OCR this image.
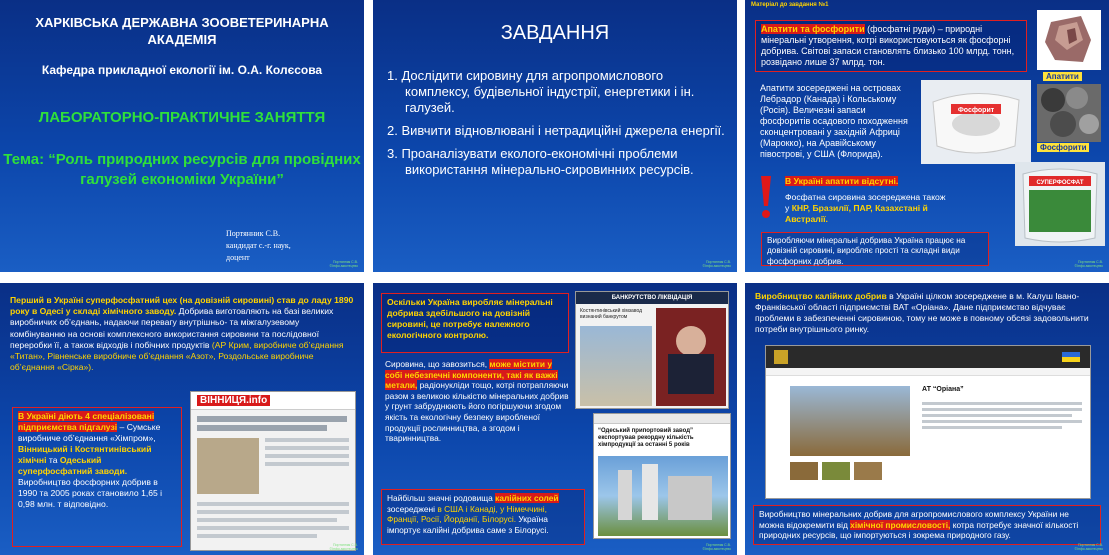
ХАРКІВСЬКА ДЕРЖАВНА ЗООВЕТЕРИНАРНА АКАДЕМІЯ
Кафедра прикладної екології ім. О.А. Колєсова
ЛАБОРАТОРНО-ПРАКТИЧНЕ ЗАНЯТТЯ
Тема: “Роль природних ресурсів для провідних галузей економіки України”
Портянник С.В.
кандидат с.-г. наук,
доцент	Портянник С.В. ©Інфо-мистецтво
ЗАВДАННЯ
1. Дослідити сировину для агропромислового комплексу, будівельної індустрії, енергетики і ін. галузей.
2. Вивчити відновлювані і нетрадиційні джерела енергії.
3. Проаналізувати еколого-економічні проблеми використання мінерально-сировинних ресурсів.
Портянник С.В. ©Інфо-мистецтво
Матеріал до завдання №1
Апатити та фосфорити (фосфатні руди) – природні мінеральні утворення, котрі використовуються як фосфорні добрива. Світові запаси становлять близько 100 млрд. тонн, розвідано лише 37 млрд. тон.
Апатити
Апатити зосереджені на островах Лебрадор (Канада) і Кольському (Росія). Величезні запаси фосфоритів осадового походження сконцентровані у західній Африці (Марокко), на Аравійському півострові, у США (Флорида).
Фосфорит
Фосфорити
В Україні апатити відсутні.
Фосфатна сировина зосереджена також у КНР, Бразилії, ПАР, Казахстані й Австралії.
СУПЕРФОСФАТ
Виробляючи мінеральні добрива Україна працює на довізній сировині, виробляє прості та складні види фосфорних добрив.	Портянник С.В. ©Інфо-мистецтво
Перший в Україні суперфосфатний цех (на довізній сировині) став до ладу 1890 року в Одесі у складі хімічного заводу. Добрива виготовляють на базі великих виробничих об’єднань, надаючи перевагу внутрішньо- та міжгалузевому комбінуванню на основі комплексного використання сировини та послідовної переробки її, а також відходів і побічних продуктів (АР Крим, виробниче об’єднання «Титан», Рівненське виробниче об’єднання «Азот», Роздольське виробниче об’єднання «Сірка»).
В Україні діють 4 спеціалізовані підприємства підгалузі – Сумське виробниче об’єднання «Хімпром», Вінницький і Костянтинівський хімічні та Одеський суперфосфатний заводи. Виробництво фосфорних добрив в 1990 та 2005 роках становило 1,65 і 0,98 млн. т відповідно.
ВІННИЦЯ.info
Портянник С.В. ©Інфо-мистецтво
Оскільки Україна виробляє мінеральні добрива здебільшого на довізній сировині, це потребує належного екологічного контролю.
Сировина, що завозиться, може містити у собі небезпечні компоненти, такі як важкі метали, радіонукліди тощо, котрі потрапляючи разом з великою кількістю мінеральних добрив у грунт забруднюють його погіршуючи згодом якість та екологічну безпеку виробленої продукції рослинництва, а згодом і тваринництва.
Найбільш значні родовища калійних солей зосереджені в США і Канаді, у Німеччині, Франції, Росії, Йорданії, Білорусі. Україна імпортує калійні добрива саме з Білорусі.
БАНКРУТСТВО ЛІКВІДАЦІЯ
Костянтинівський хімзавод визнаний банкрутом
“Одеський припортовий завод” експортував рекордну кількість хімпродукції за останні 5 років
Портянник С.В. ©Інфо-мистецтво
Виробництво калійних добрив в Україні цілком зосереджене в м. Калуш Івано-Франківської області підприємстві ВАТ «Оріана». Дане підприємство відчуває проблеми в забезпеченні сировиною, тому не може в повному обсязі задовольнити потреби внутрішнього ринку.
АТ “Оріана”
Виробництво мінеральних добрив для агропромислового комплексу України не можна відокремити від хімічної промисловості, котра потребує значної кількості природних ресурсів, що імпортуються і зокрема природного газу.
Портянник С.В. ©Інфо-мистецтво
